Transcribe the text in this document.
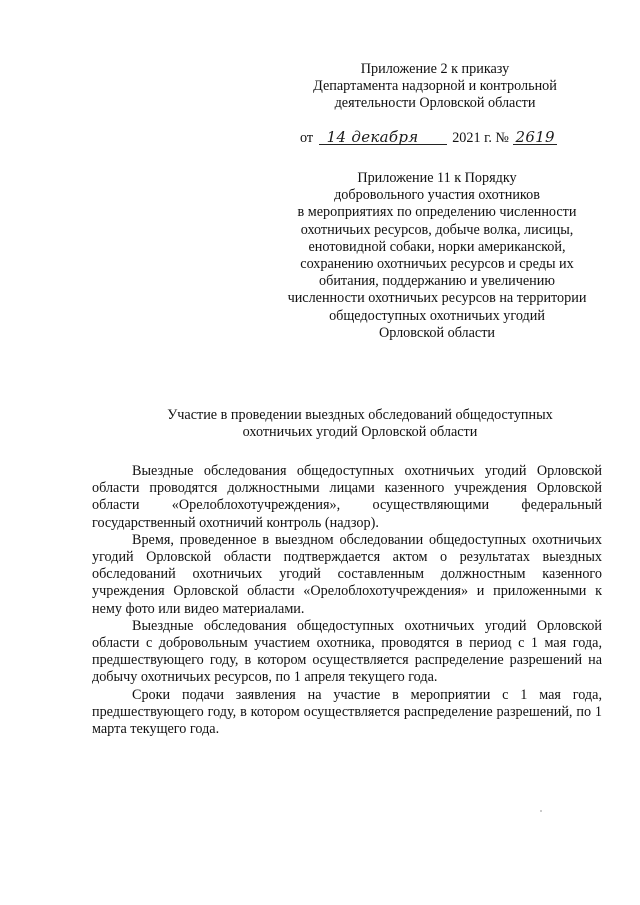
Приложение 2 к приказу
Департамента надзорной и контрольной
деятельности Орловской области
от 14 декабря 2021 г. № 2619
Приложение 11 к Порядку
добровольного участия охотников
в мероприятиях по определению численности
охотничьих ресурсов, добыче волка, лисицы,
енотовидной собаки, норки американской,
сохранению охотничьих ресурсов и среды их
обитания, поддержанию и увеличению
численности охотничьих ресурсов на территории
общедоступных охотничьих угодий
Орловской области
Участие в проведении выездных обследований общедоступных
охотничьих угодий Орловской области

Выездные обследования общедоступных охотничьих угодий Орловской области проводятся должностными лицами казенного учреждения Орловской области «Орелоблохотучреждения», осуществляющими федеральный государственный охотничий контроль (надзор).

Время, проведенное в выездном обследовании общедоступных охотничьих угодий Орловской области подтверждается актом о результатах выездных обследований охотничьих угодий составленным должностным казенного учреждения Орловской области «Орелоблохотучреждения» и приложенными к нему фото или видео материалами.

Выездные обследования общедоступных охотничьих угодий Орловской области с добровольным участием охотника, проводятся в период с 1 мая года, предшествующего году, в котором осуществляется распределение разрешений на добычу охотничьих ресурсов, по 1 апреля текущего года.

Сроки подачи заявления на участие в мероприятии с 1 мая года, предшествующего году, в котором осуществляется распределение разрешений, по 1 марта текущего года.
